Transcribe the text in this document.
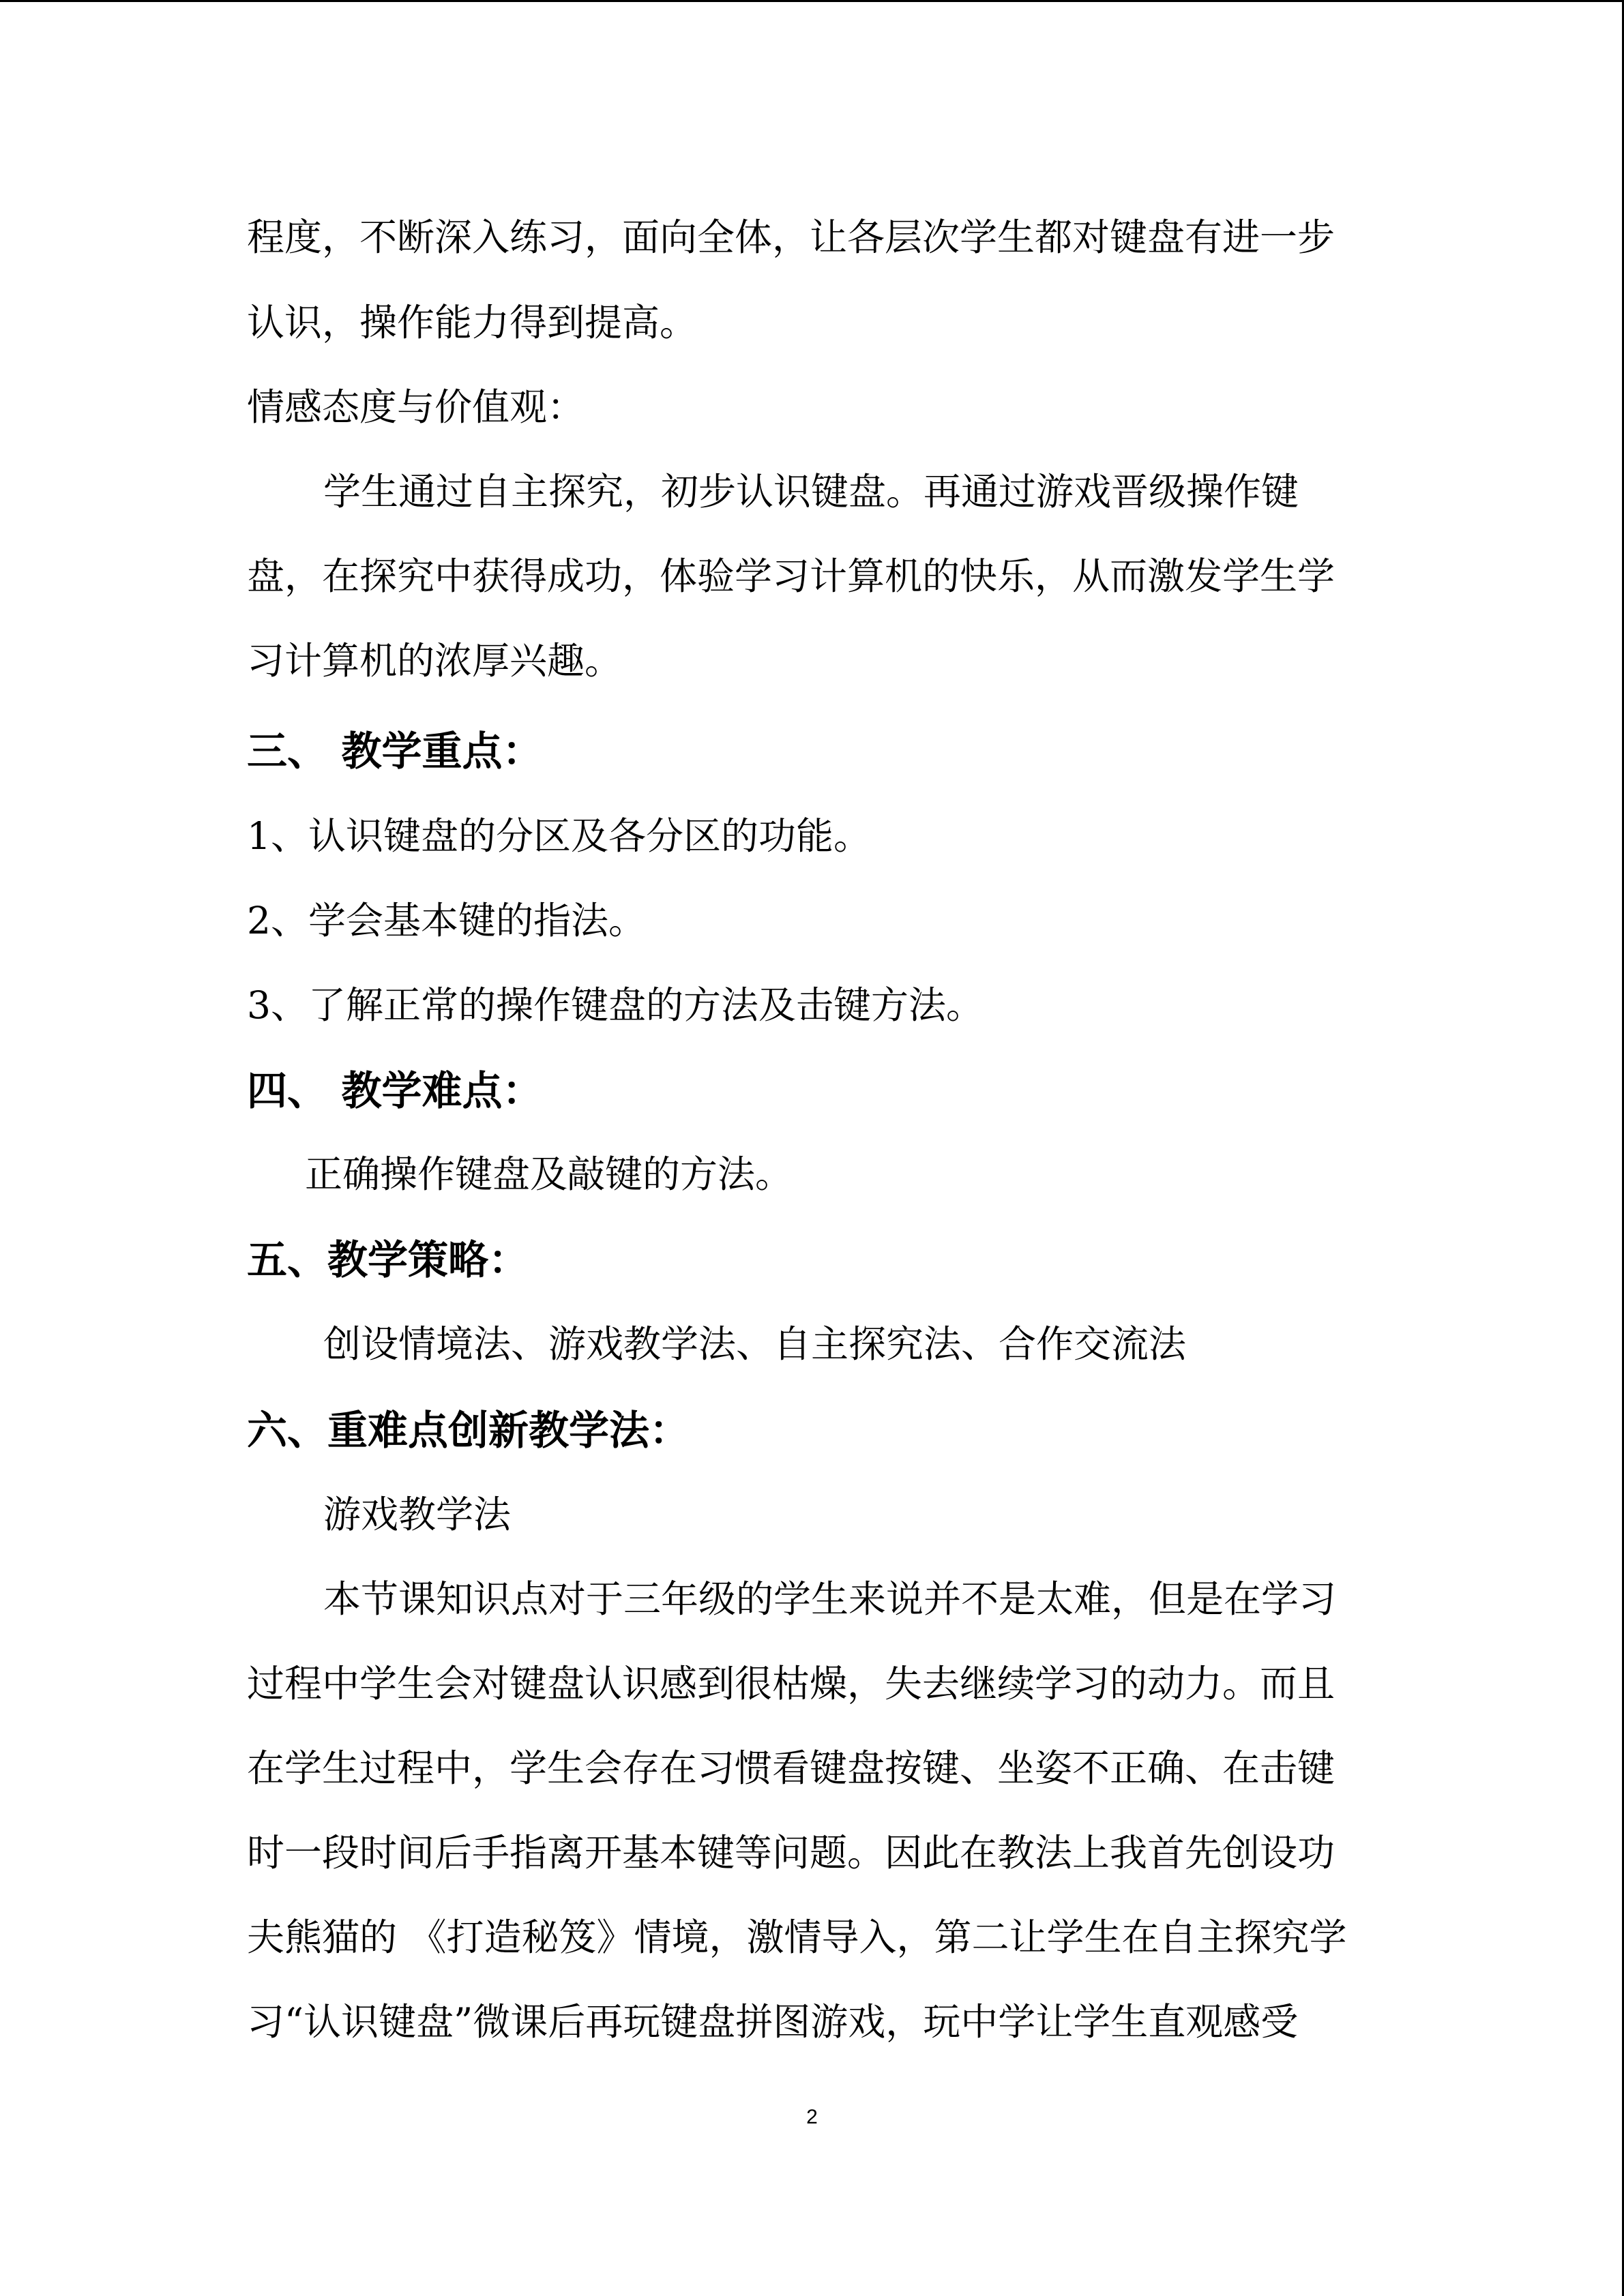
程度，不断深入练习，面向全体，让各层次学生都对键盘有进一步
认识，操作能力得到提高。
情感态度与价值观：
学生通过自主探究，初步认识键盘。再通过游戏晋级操作键
盘，在探究中获得成功，体验学习计算机的快乐，从而激发学生学
习计算机的浓厚兴趣。
三、 教学重点：
1、认识键盘的分区及各分区的功能。
2、学会基本键的指法。
3、了解正常的操作键盘的方法及击键方法。
四、 教学难点：
正确操作键盘及敲键的方法。
五、教学策略：
创设情境法、游戏教学法、自主探究法、合作交流法
六、重难点创新教学法：
游戏教学法
本节课知识点对于三年级的学生来说并不是太难，但是在学习
过程中学生会对键盘认识感到很枯燥，失去继续学习的动力。而且
在学生过程中，学生会存在习惯看键盘按键、坐姿不正确、在击键
时一段时间后手指离开基本键等问题。因此在教法上我首先创设功
夫熊猫的 《打造秘笈》情境，激情导入，第二让学生在自主探究学
习“认识键盘”微课后再玩键盘拼图游戏，玩中学让学生直观感受
2
